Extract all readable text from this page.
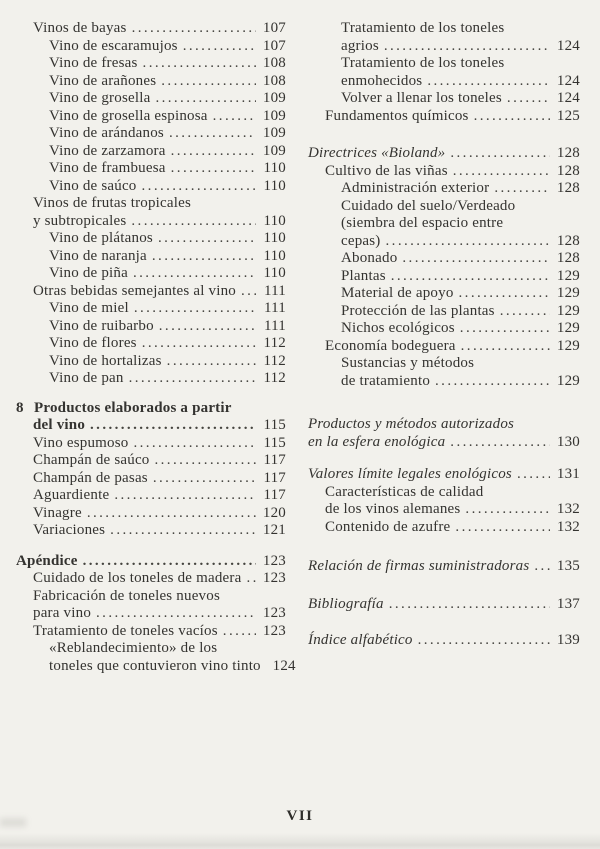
Vinos de bayas .....	107
Vino de escaramujos .....	107
Vino de fresas .....	108
Vino de arañones .....	108
Vino de grosella .....	109
Vino de grosella espinosa .....	109
Vino de arándanos .....	109
Vino de zarzamora .....	109
Vino de frambuesa .....	110
Vino de saúco .....	110
Vinos de frutas tropicales
y subtropicales .....	110
Vino de plátanos .....	110
Vino de naranja .....	110
Vino de piña .....	110
Otras bebidas semejantes al vino .....	111
Vino de miel .....	111
Vino de ruibarbo .....	111
Vino de flores .....	112
Vino de hortalizas .....	112
Vino de pan .....	112
8 Productos elaborados a partir
del vino .....	115
Vino espumoso .....	115
Champán de saúco .....	117
Champán de pasas .....	117
Aguardiente .....	117
Vinagre .....	120
Variaciones .....	121
Apéndice .....	123
Cuidado de los toneles de madera ..... 123
Fabricación de toneles nuevos
para vino .....	123
Tratamiento de toneles vacíos .....	123
«Reblandecimiento» de los
toneles que contuvieron vino tinto 124
Tratamiento de los toneles
agrios .....	124
Tratamiento de los toneles
enmohecidos .....	124
Volver a llenar los toneles .....	124
Fundamentos químicos .....	125
Directrices «Bioland» .....	128
Cultivo de las viñas .....	128
Administración exterior .....	128
Cuidado del suelo/Verdeado
(siembra del espacio entre
cepas) .....	128
Abonado .....	128
Plantas .....	129
Material de apoyo .....	129
Protección de las plantas .....	129
Nichos ecológicos .....	129
Economía bodeguera .....	129
Sustancias y métodos
de tratamiento .....	129
Productos y métodos autorizados
en la esfera enológica .....	130
Valores límite legales enológicos .....	131
Características de calidad
de los vinos alemanes .....	132
Contenido de azufre .....	132
Relación de firmas suministradoras ..... 135
Bibliografía .....	137
Índice alfabético .....	139
VII
